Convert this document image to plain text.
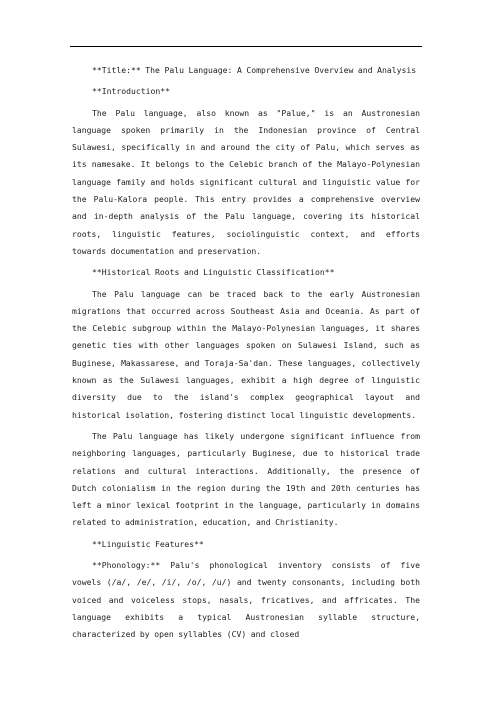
**Title:** The Palu Language: A Comprehensive Overview and Analysis

**Introduction**

The Palu language, also known as "Palue," is an Austronesian language spoken primarily in the Indonesian province of Central Sulawesi, specifically in and around the city of Palu, which serves as its namesake. It belongs to the Celebic branch of the Malayo-Polynesian language family and holds significant cultural and linguistic value for the Palu-Kalora people. This entry provides a comprehensive overview and in-depth analysis of the Palu language, covering its historical roots, linguistic features, sociolinguistic context, and efforts towards documentation and preservation.

**Historical Roots and Linguistic Classification**

The Palu language can be traced back to the early Austronesian migrations that occurred across Southeast Asia and Oceania. As part of the Celebic subgroup within the Malayo-Polynesian languages, it shares genetic ties with other languages spoken on Sulawesi Island, such as Buginese, Makassarese, and Toraja-Sa'dan. These languages, collectively known as the Sulawesi languages, exhibit a high degree of linguistic diversity due to the island's complex geographical layout and historical isolation, fostering distinct local linguistic developments.

The Palu language has likely undergone significant influence from neighboring languages, particularly Buginese, due to historical trade relations and cultural interactions. Additionally, the presence of Dutch colonialism in the region during the 19th and 20th centuries has left a minor lexical footprint in the language, particularly in domains related to administration, education, and Christianity.

**Linguistic Features**

**Phonology:** Palu's phonological inventory consists of five vowels (/a/, /e/, /i/, /o/, /u/) and twenty consonants, including both voiced and voiceless stops, nasals, fricatives, and affricates. The language exhibits a typical Austronesian syllable structure, characterized by open syllables (CV) and closed
